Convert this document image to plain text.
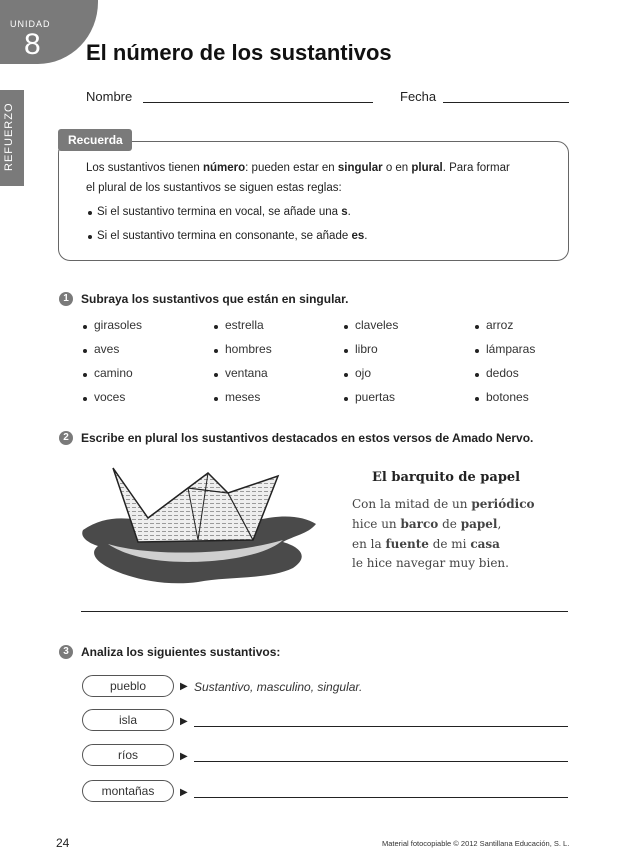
UNIDAD
8
REFUERZO
El número de los sustantivos
Nombre	Fecha
Recuerda
Los sustantivos tienen número: pueden estar en singular o en plural. Para formar
el plural de los sustantivos se siguen estas reglas:
Si el sustantivo termina en vocal, se añade una s.
Si el sustantivo termina en consonante, se añade es.
1	Subraya los sustantivos que están en singular.
girasoles
aves
camino
voces
estrella
hombres
ventana
meses
claveles
libro
ojo
puertas
arroz
lámparas
dedos
botones
2	Escribe en plural los sustantivos destacados en estos versos de Amado Nervo.
El barquito de papel
Con la mitad de un periódico
hice un barco de papel,
en la fuente de mi casa
le hice navegar muy bien.
3	Analiza los siguientes sustantivos:
pueblo	▶ Sustantivo, masculino, singular.
isla	▶
ríos	▶
montañas	▶
24	Material fotocopiable © 2012 Santillana Educación, S. L.
